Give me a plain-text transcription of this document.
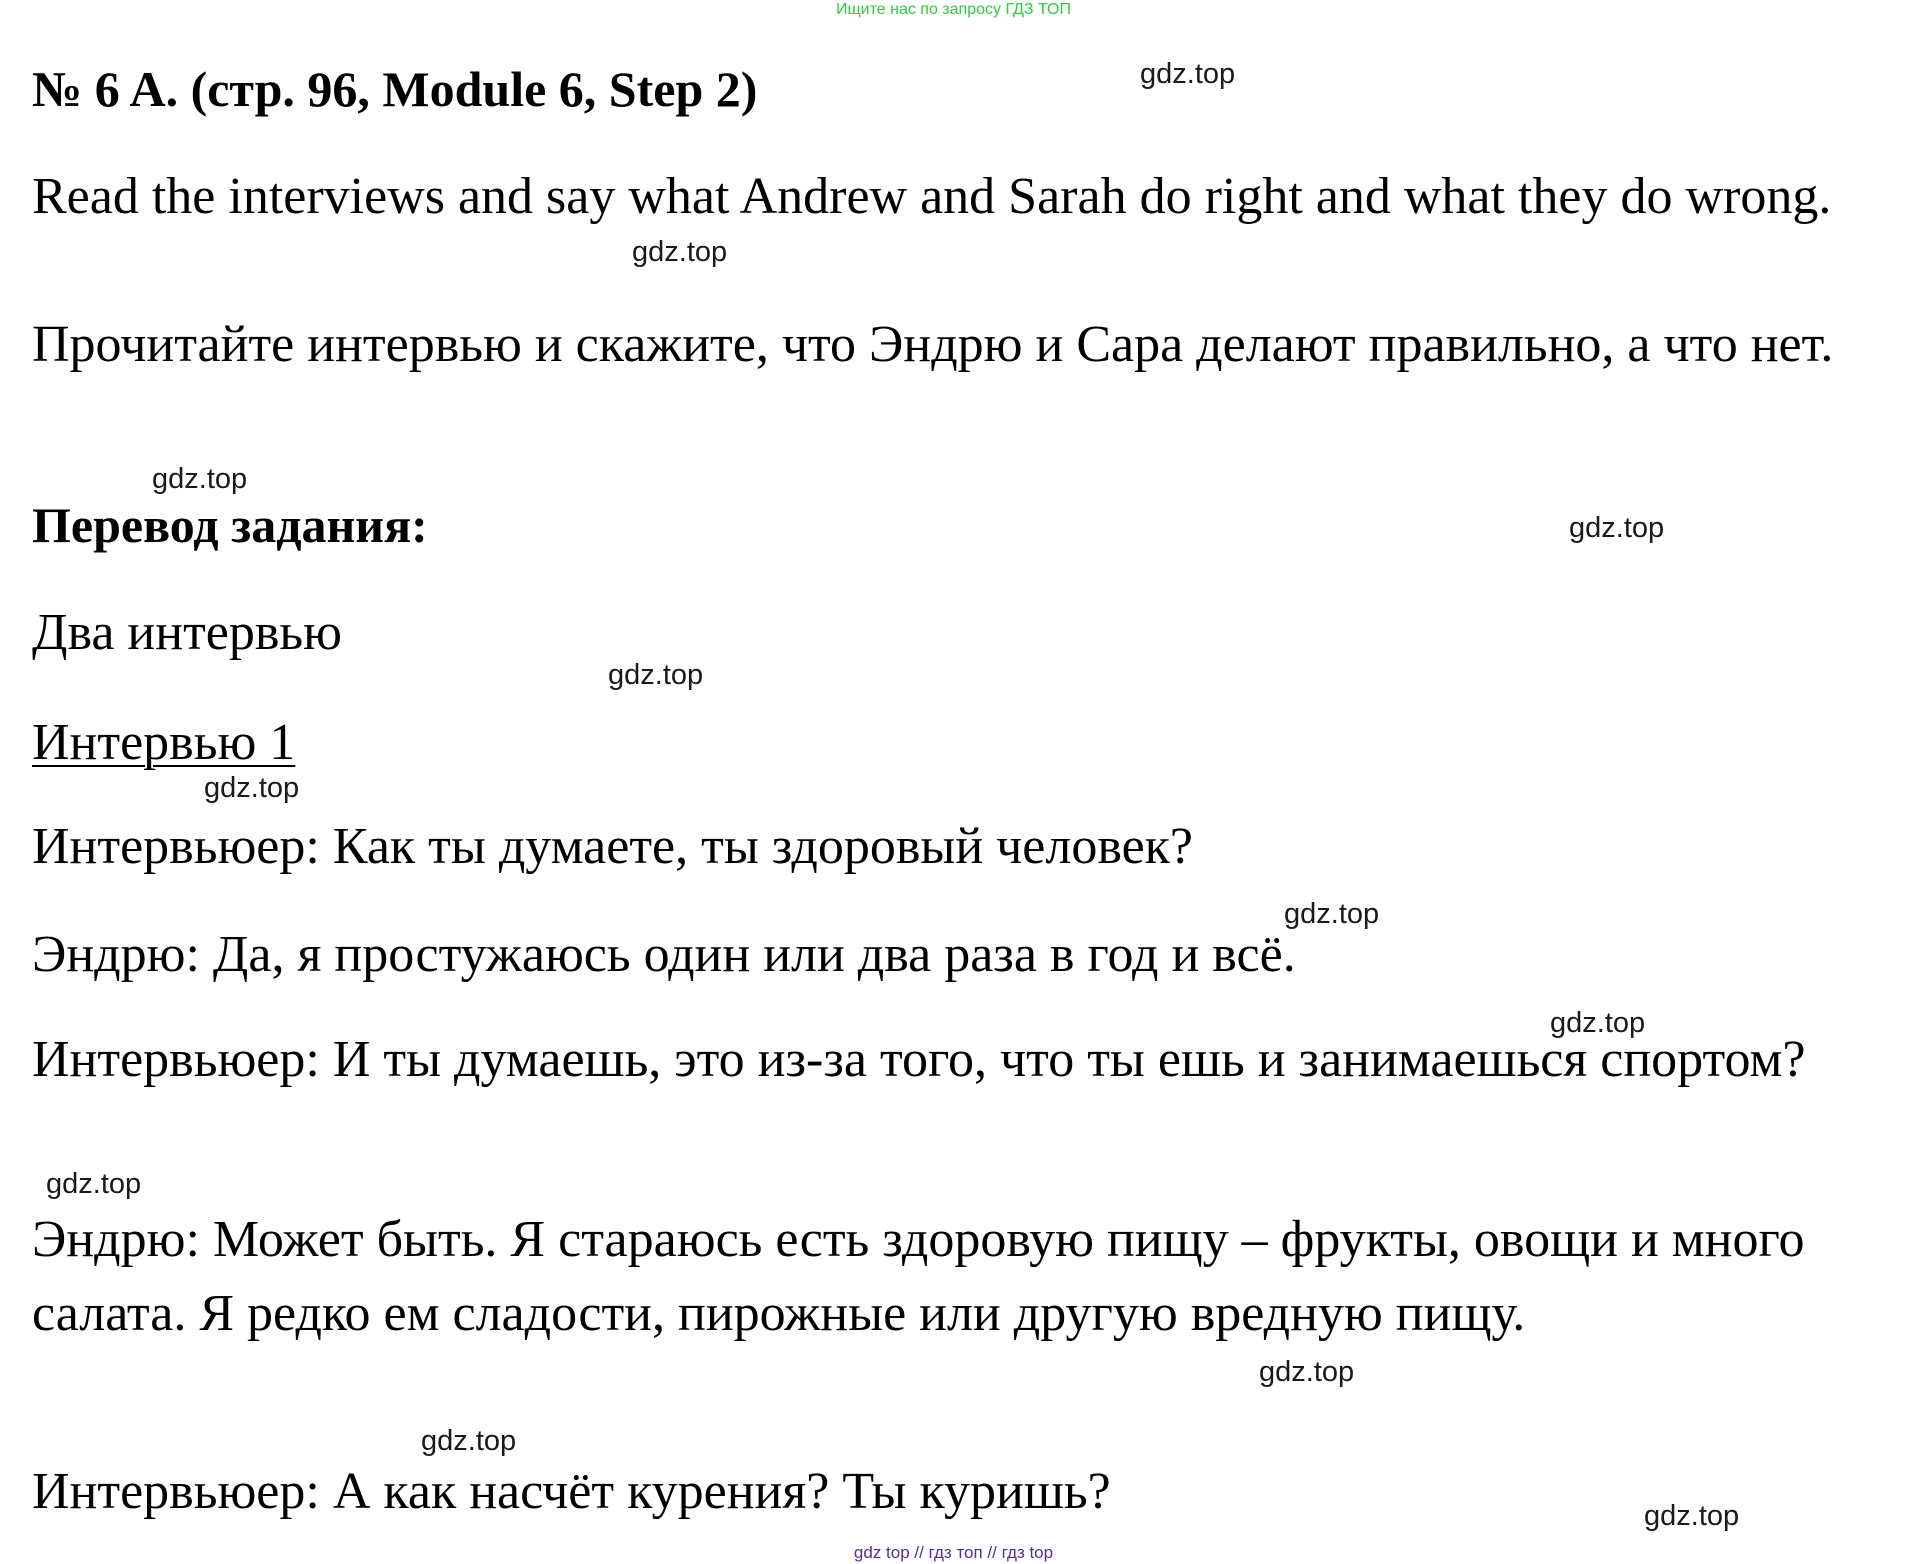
Ищите нас по запросу ГДЗ ТОП
№ 6 A. (стр. 96, Module 6, Step 2)	gdz.top
Read the interviews and say what Andrew and Sarah do right and what they do wrong.
gdz.top
Прочитайте интервью и скажите, что Эндрю и Сара делают правильно, а что нет.
gdz.top
Перевод задания:	gdz.top
Два интервью
gdz.top
Интервью 1
gdz.top
Интервьюер: Как ты думаете, ты здоровый человек?
gdz.top
Эндрю: Да, я простужаюсь один или два раза в год и всё.
gdz.top
Интервьюер: И ты думаешь, это из-за того, что ты ешь и занимаешься спортом?
gdz.top
Эндрю: Может быть. Я стараюсь есть здоровую пищу – фрукты, овощи и много салата. Я редко ем сладости, пирожные или другую вредную пищу.
gdz.top
gdz.top
Интервьюер: А как насчёт курения? Ты куришь?	gdz.top
gdz top // гдз топ // гдз top
